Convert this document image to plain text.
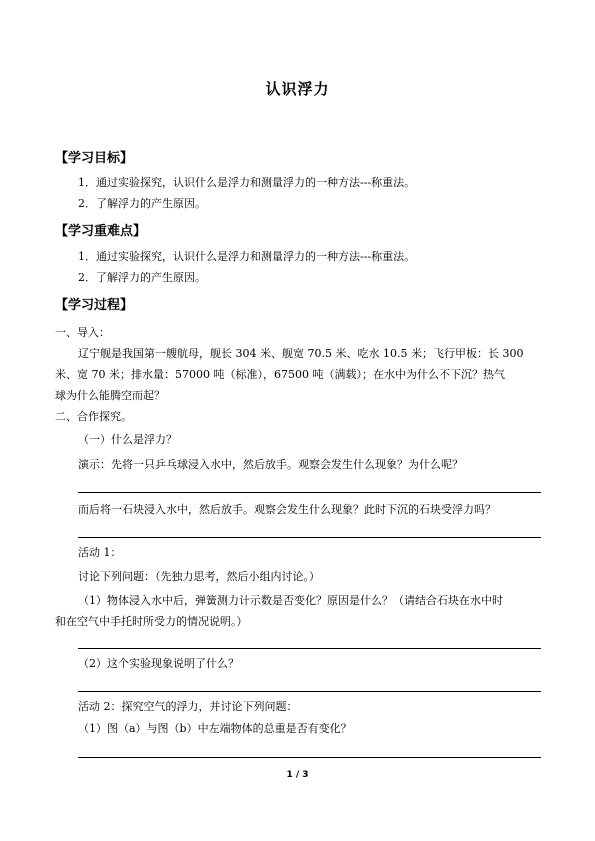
认识浮力
【学习目标】
1．通过实验探究，认识什么是浮力和测量浮力的一种方法---称重法。
2．了解浮力的产生原因。
【学习重难点】
1．通过实验探究，认识什么是浮力和测量浮力的一种方法---称重法。
2．了解浮力的产生原因。
【学习过程】
一、导入：
辽宁舰是我国第一艘航母，舰长 304 米、舰宽 70.5 米、吃水 10.5 米；飞行甲板：长 300
米、宽 70 米；排水量：57000 吨（标准），67500 吨（满载）；在水中为什么不下沉？热气
球为什么能腾空而起？
二、合作探究。
（一）什么是浮力？
演示：先将一只乒乓球浸入水中，然后放手。观察会发生什么现象？为什么呢？
而后将一石块浸入水中，然后放手。观察会发生什么现象？此时下沉的石块受浮力吗？
活动 1：
讨论下列问题：（先独力思考，然后小组内讨论。）
（1）物体浸入水中后，弹簧测力计示数是否变化？原因是什么？（请结合石块在水中时
和在空气中手托时所受力的情况说明。）
（2）这个实验现象说明了什么？
活动 2：探究空气的浮力，并讨论下列问题：
（1）图（a）与图（b）中左端物体的总重是否有变化？
1 / 3
